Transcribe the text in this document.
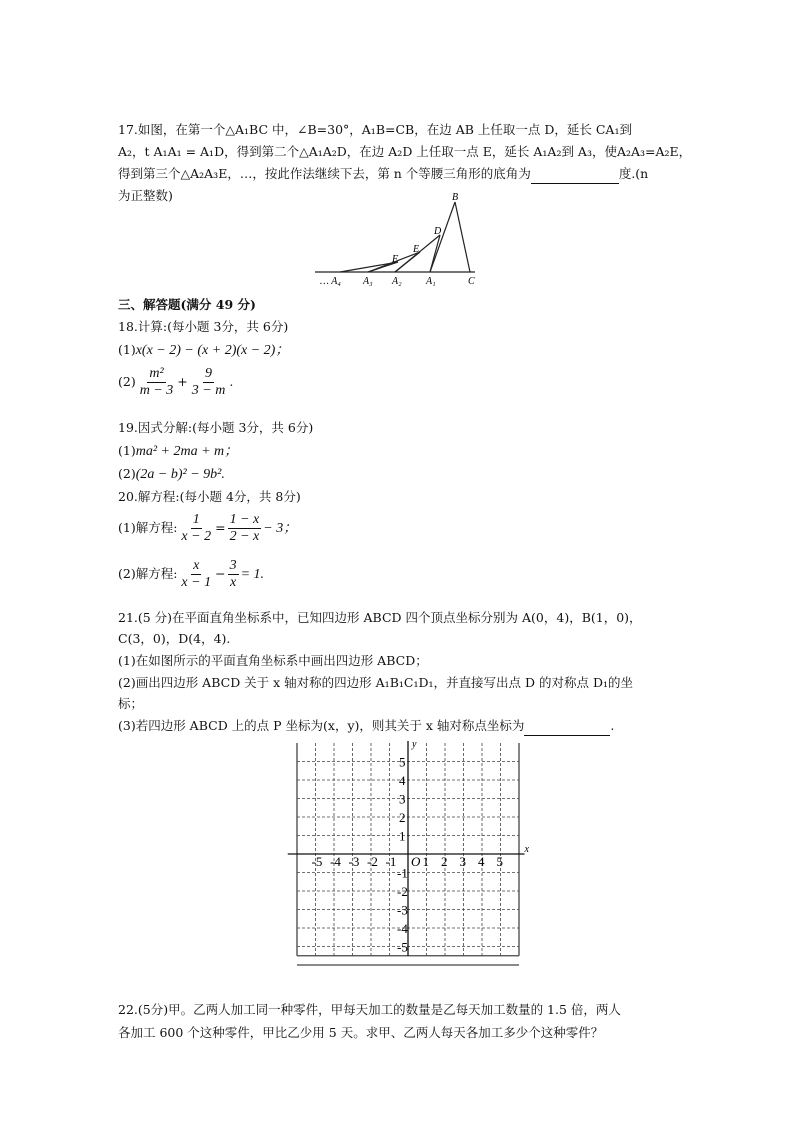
17.如图，在第一个△A₁BC 中，∠B=30°，A₁B=CB，在边 AB 上任取一点 D，延长 CA₁到
A₂，t A₁A₁ = A₁D，得到第二个△A₁A₂D，在边 A₂D 上任取一点 E，延长 A₁A₂到 A₃，使A₂A₃=A₂E，
得到第三个△A₂A₃E，…，按此作法继续下去，第 n 个等腰三角形的底角为	度.(n
为正整数)	B
D
E
F
C
A₁
A₂
A₃
… A₄
三、解答题(满分 49 分)
18.计算:(每小题 3分，共 6分)
(1)x(x − 2) − (x + 2)(x − 2)；
$(2) \frac{\text{m²}}{m - 3} + \frac{9}{3 - m}$ .
19.因式分解:(每小题 3分，共 6分)
(1)ma² + 2ma + m；
(2)(2a − b)² − 9b².
20.解方程:(每小题 4分，共 8分)
(1)解方程: $\frac{1}{x - 2} = \frac{1 - x}{2 - x} - 3$；
(2)解方程: $\frac{x}{x - 1} - \frac{3}{x} = 1$.
21.(5 分)在平面直角坐标系中，已知四边形 ABCD 四个顶点坐标分别为 A(0，4)，B(1，0)，
C(3，0)，D(4，4).
(1)在如图所示的平面直角坐标系中画出四边形 ABCD；
(2)画出四边形 ABCD 关于 x 轴对称的四边形 A₁B₁C₁D₁，并直接写出点 D 的对称点 D₁的坐
标；
(3)若四边形 ABCD 上的点 P 坐标为(x，y)，则其关于 x 轴对称点坐标为	.
x
y
O
-5 -4 -3 -2 -1 1 2 3 4 5
5
4
3
2
1
-1
-2
-3
-4
-5
22.(5分)甲。乙两人加工同一种零件，甲每天加工的数量是乙每天加工数量的 1.5 倍，两人
各加工 600 个这种零件，甲比乙少用 5 天。求甲、乙两人每天各加工多少个这种零件？
